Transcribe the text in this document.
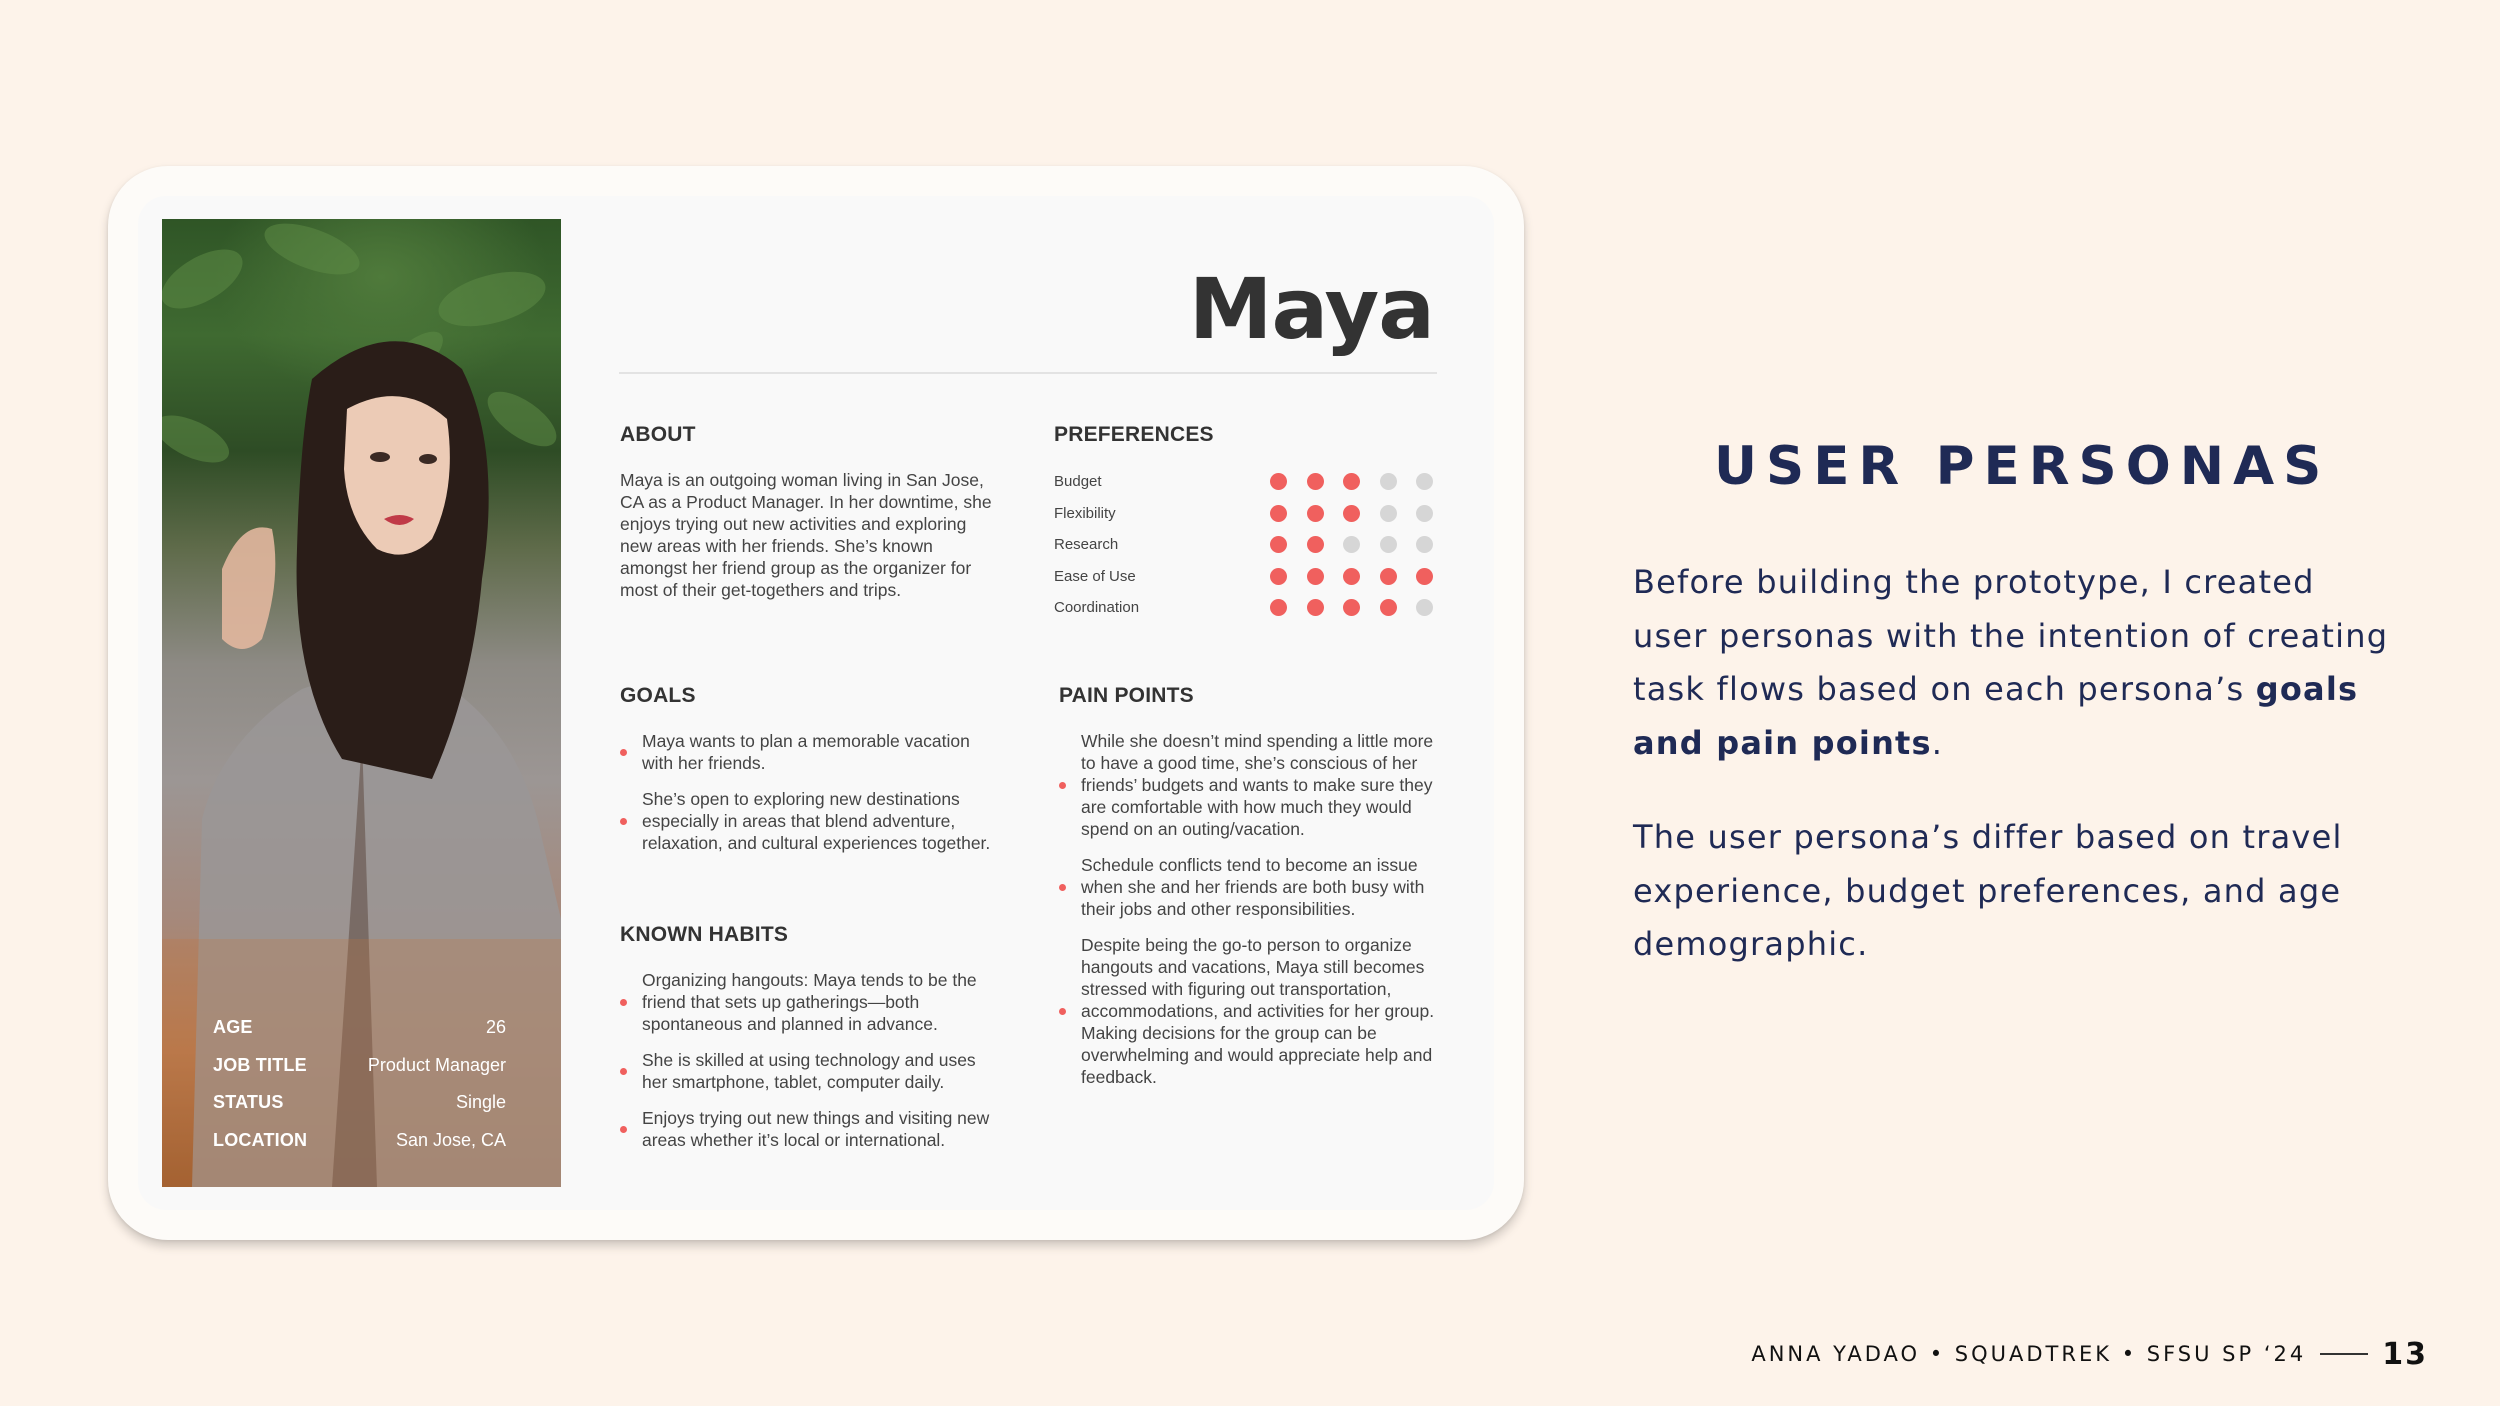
AGE	26
JOB TITLE	Product Manager
STATUS	Single
LOCATION	San Jose, CA
Maya
ABOUT
Maya is an outgoing woman living in San Jose, CA as a Product Manager. In her downtime, she enjoys trying out new activities and exploring new areas with her friends. She’s known amongst her friend group as the organizer for most of their get-togethers and trips.
PREFERENCES
Budget
Flexibility
Research
Ease of Use
Coordination
GOALS
Maya wants to plan a memorable vacation with her friends.
She’s open to exploring new destinations especially in areas that blend adventure, relaxation, and cultural experiences together.
KNOWN HABITS
Organizing hangouts: Maya tends to be the friend that sets up gatherings—both spontaneous and planned in advance.
She is skilled at using technology and uses her smartphone, tablet, computer daily.
Enjoys trying out new things and visiting new areas whether it’s local or international.
PAIN POINTS
While she doesn’t mind spending a little more to have a good time, she’s conscious of her friends’ budgets and wants to make sure they are comfortable with how much they would spend on an outing/vacation.
Schedule conflicts tend to become an issue when she and her friends are both busy with their jobs and other responsibilities.
Despite being the go-to person to organize hangouts and vacations, Maya still becomes stressed with figuring out transportation, accommodations, and activities for her group. Making decisions for the group can be overwhelming and would appreciate help and feedback.
USER PERSONAS

Before building the prototype, I created user personas with the intention of creating task flows based on each persona’s goals and pain points.

The user persona’s differ based on travel experience, budget preferences, and age demographic.

ANNA YADAO • SQUADTREK • SFSU SP ‘24	13
